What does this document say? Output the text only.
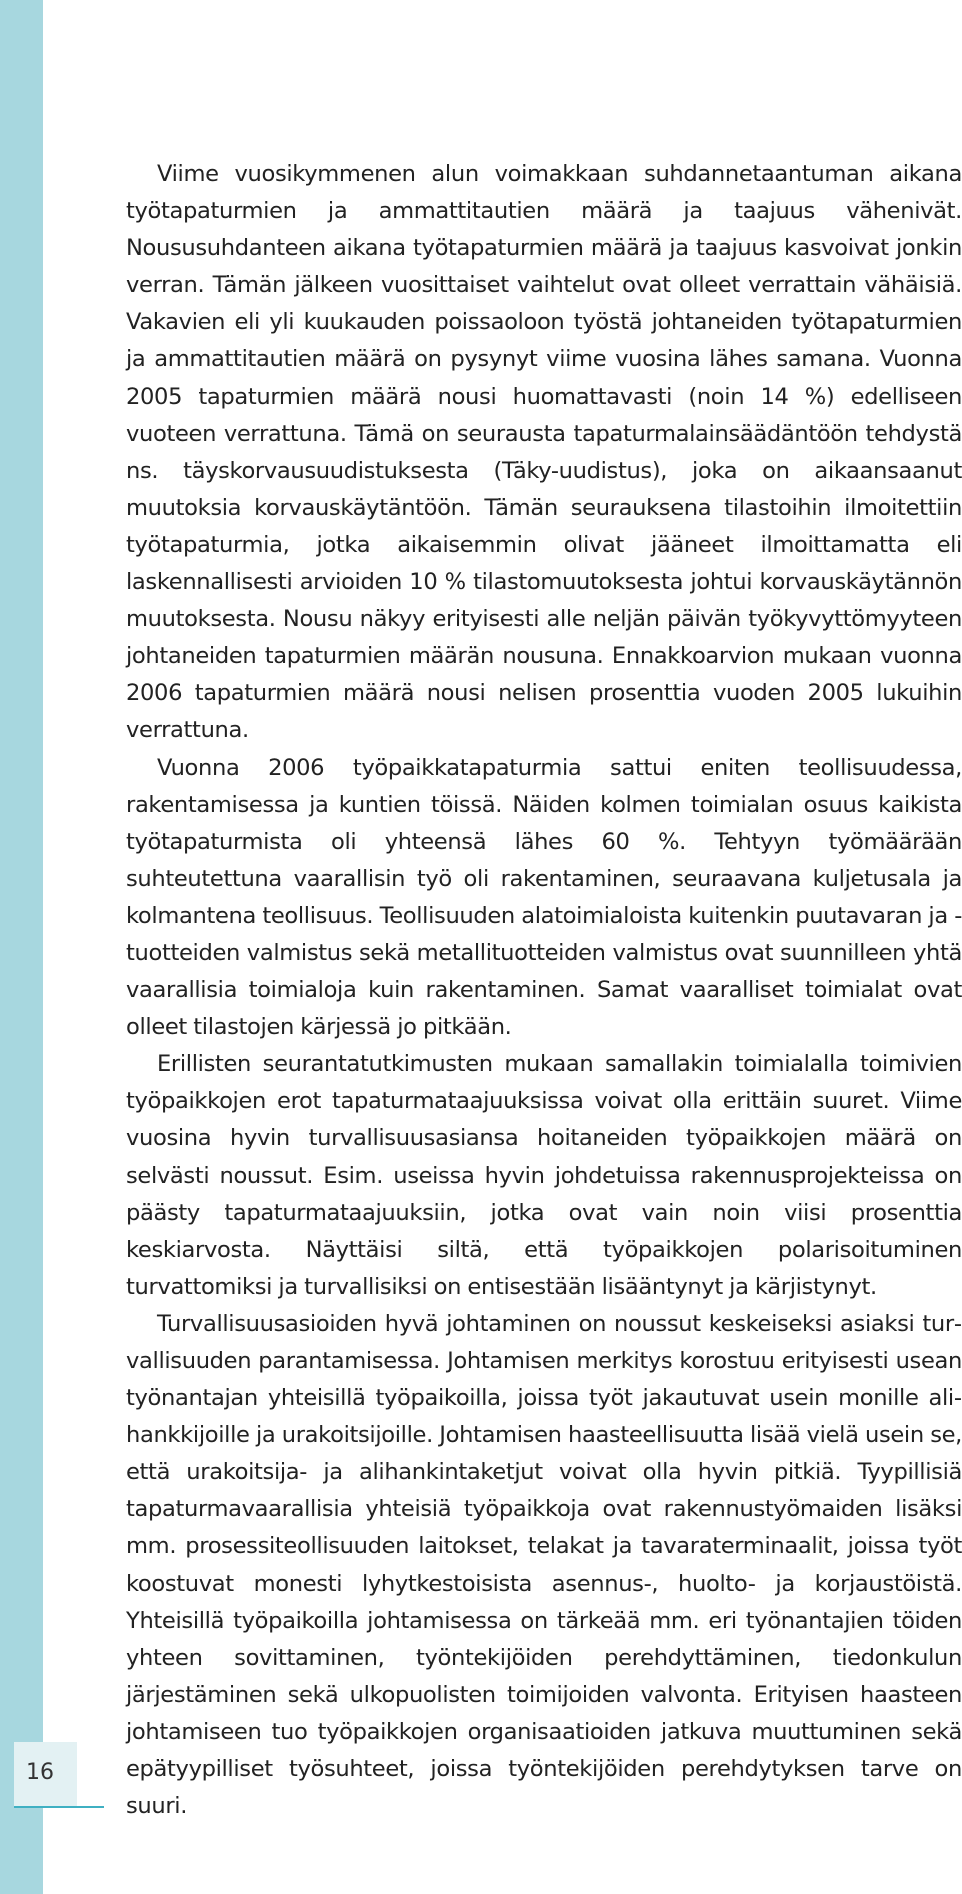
Viime vuosikymmenen alun voimakkaan suhdannetaantuman aikana työtapaturmien ja ammattitautien määrä ja taajuus vähenivät. Noususuhdanteen aikana työtapaturmien määrä ja taajuus kasvoivat jonkin verran. Tämän jälkeen vuosittaiset vaihtelut ovat olleet verrattain vähäisiä. Vakavien eli yli kuukauden poissaoloon työstä johtaneiden työtapaturmien ja ammattitautien määrä on pysynyt viime vuosina lähes samana. Vuonna 2005 tapaturmien määrä nousi huomattavasti (noin 14 %) edelliseen vuoteen verrattuna. Tämä on seurausta tapaturmalainsäädäntöön tehdystä ns. täyskorvausuudistuksesta (Täky-uudistus), joka on aikaansaanut muutoksia korvauskäytäntöön. Tämän seurauksena tilastoihin ilmoitettiin työtapaturmia, jotka aikaisemmin olivat jääneet ilmoittamatta eli laskennallisesti arvioiden 10 % tilastomuutoksesta johtui korvauskäytännön muutoksesta. Nousu näkyy erityisesti alle neljän päivän työkyvyttömyyteen johtaneiden tapaturmien määrän nousuna. Ennakkoarvion mukaan vuonna 2006 tapaturmien määrä nousi nelisen prosenttia vuoden 2005 lukuihin verrattuna.

Vuonna 2006 työpaikkatapaturmia sattui eniten teollisuudessa, rakentamisessa ja kuntien töissä. Näiden kolmen toimialan osuus kaikista työtapaturmista oli yhteensä lähes 60 %. Tehtyyn työmäärään suhteutettuna vaarallisin työ oli rakentaminen, seuraavana kuljetusala ja kolmantena teollisuus. Teollisuuden alatoimialoista kuitenkin puutavaran ja -tuotteiden valmistus sekä metallituotteiden valmistus ovat suunnilleen yhtä vaarallisia toimialoja kuin rakentaminen. Samat vaaralliset toimialat ovat olleet tilastojen kärjessä jo pitkään.

Erillisten seurantatutkimusten mukaan samallakin toimialalla toimivien työpaikkojen erot tapaturmataajuuksissa voivat olla erittäin suuret. Viime vuosina hyvin turvallisuusasiansa hoitaneiden työpaikkojen määrä on selvästi noussut. Esim. useissa hyvin johdetuissa rakennusprojekteissa on päästy tapaturmataajuuksiin, jotka ovat vain noin viisi prosenttia keskiarvosta. Näyttäisi siltä, että työpaikkojen polarisoituminen turvattomiksi ja turvallisiksi on entisestään lisääntynyt ja kärjistynyt.

Turvallisuusasioiden hyvä johtaminen on noussut keskeiseksi asiaksi turvallisuuden parantamisessa. Johtamisen merkitys korostuu erityisesti usean työnantajan yhteisillä työpaikoilla, joissa työt jakautuvat usein monille alihankkijoille ja urakoitsijoille. Johtamisen haasteellisuutta lisää vielä usein se, että urakoitsija- ja alihankintaketjut voivat olla hyvin pitkiä. Tyypillisiä tapaturmavaarallisia yhteisiä työpaikkoja ovat rakennustyömaiden lisäksi mm. prosessiteollisuuden laitokset, telakat ja tavaraterminaalit, joissa työt koostuvat monesti lyhytkestoisista asennus-, huolto- ja korjaustöistä. Yhteisillä työpaikoilla johtamisessa on tärkeää mm. eri työnantajien töiden yhteen sovittaminen, työntekijöiden perehdyttäminen, tiedonkulun järjestäminen sekä ulkopuolisten toimijoiden valvonta. Erityisen haasteen johtamiseen tuo työpaikkojen organisaatioiden jatkuva muuttuminen sekä epätyypilliset työsuhteet, joissa työntekijöiden perehdytyksen tarve on suuri.

16
